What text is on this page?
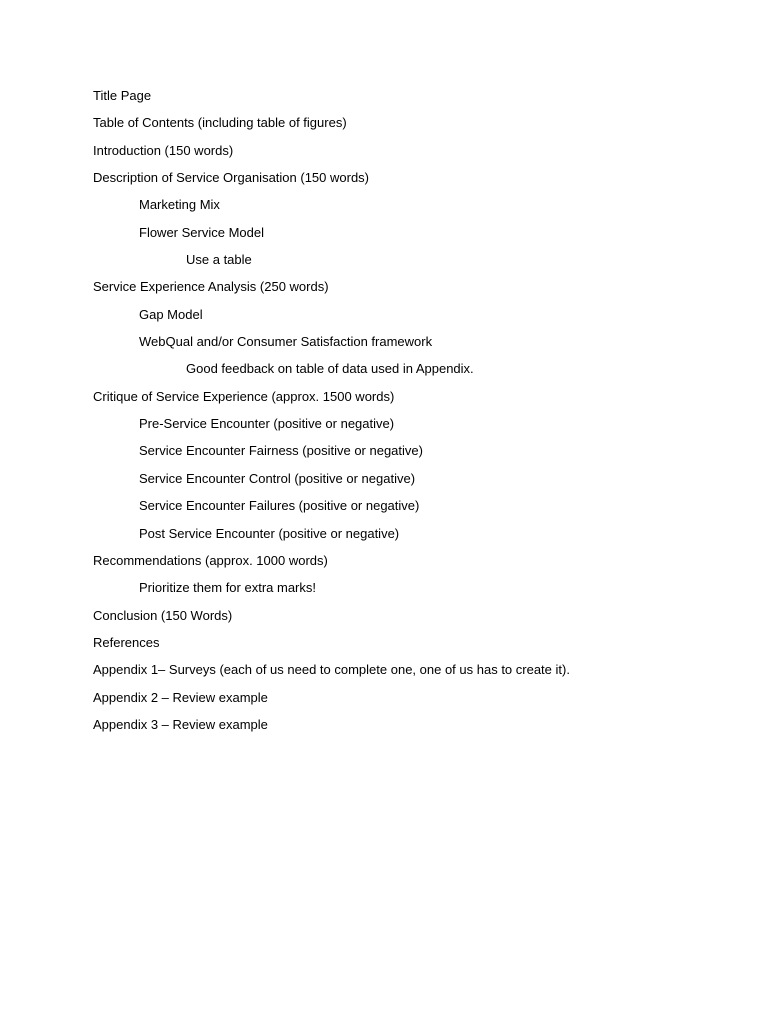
Title Page
Table of Contents (including table of figures)
Introduction (150 words)
Description of Service Organisation (150 words)
Marketing Mix
Flower Service Model
Use a table
Service Experience Analysis (250 words)
Gap Model
WebQual and/or Consumer Satisfaction framework
Good feedback on table of data used in Appendix.
Critique of Service Experience (approx. 1500 words)
Pre-Service Encounter (positive or negative)
Service Encounter Fairness (positive or negative)
Service Encounter Control (positive or negative)
Service Encounter Failures (positive or negative)
Post Service Encounter (positive or negative)
Recommendations (approx. 1000 words)
Prioritize them for extra marks!
Conclusion (150 Words)
References
Appendix 1– Surveys (each of us need to complete one, one of us has to create it).
Appendix 2 – Review example
Appendix 3 – Review example
